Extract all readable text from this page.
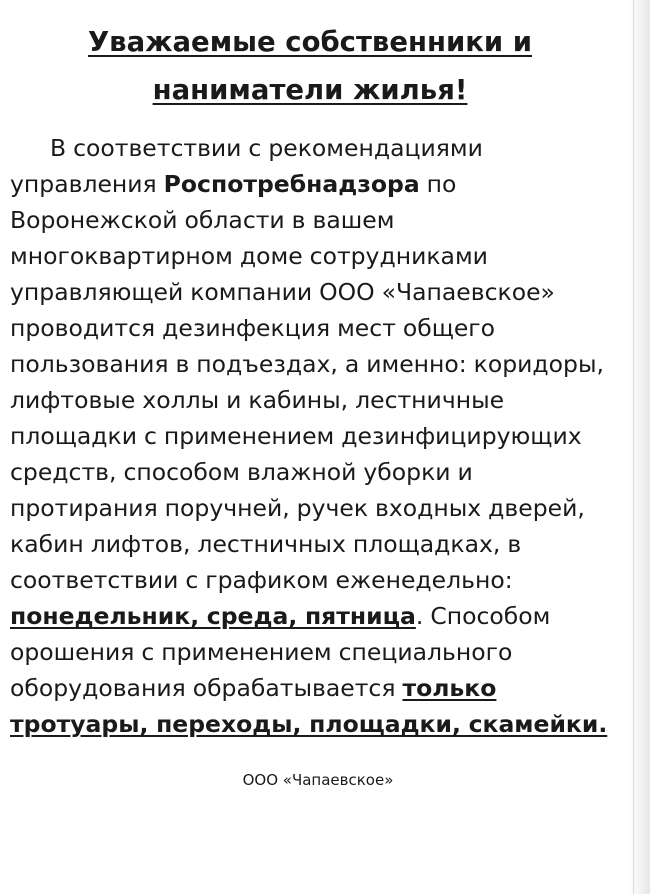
Уважаемые собственники и
наниматели жилья!

В соответствии с рекомендациями управления Роспотребнадзора по Воронежской области в вашем многоквартирном доме сотрудниками управляющей компании ООО «Чапаевское» проводится дезинфекция мест общего пользования в подъездах, а именно: коридоры, лифтовые холлы и кабины, лестничные площадки с применением дезинфицирующих средств, способом влажной уборки и протирания поручней, ручек входных дверей, кабин лифтов, лестничных площадках, в соответствии с графиком еженедельно: понедельник, среда, пятница. Способом орошения с применением специального оборудования обрабатывается только тротуары, переходы, площадки, скамейки.

ООО «Чапаевское»
